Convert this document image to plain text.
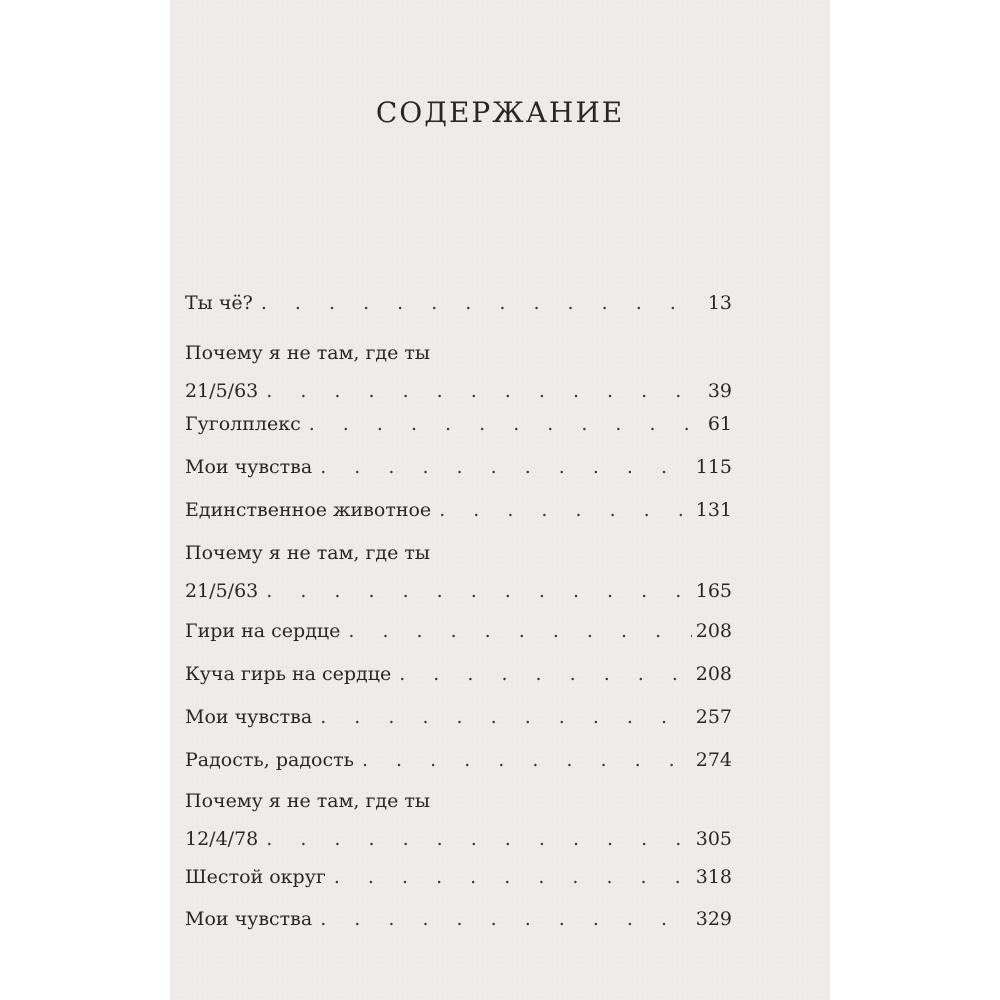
СОДЕРЖАНИЕ
Ты чё? . . .	13
Почему я не там, где ты
21/5/63 . . .	39
Гуголплекс . . .	61
Мои чувства . . .	115
Единственное животное . . .	131
Почему я не там, где ты
21/5/63 . . .	165
Гири на сердце . . .	208
Куча гирь на сердце . . .	208
Мои чувства . . .	257
Радость, радость . . .	274
Почему я не там, где ты
12/4/78 . . .	305
Шестой округ . . .	318
Мои чувства . . .	329
